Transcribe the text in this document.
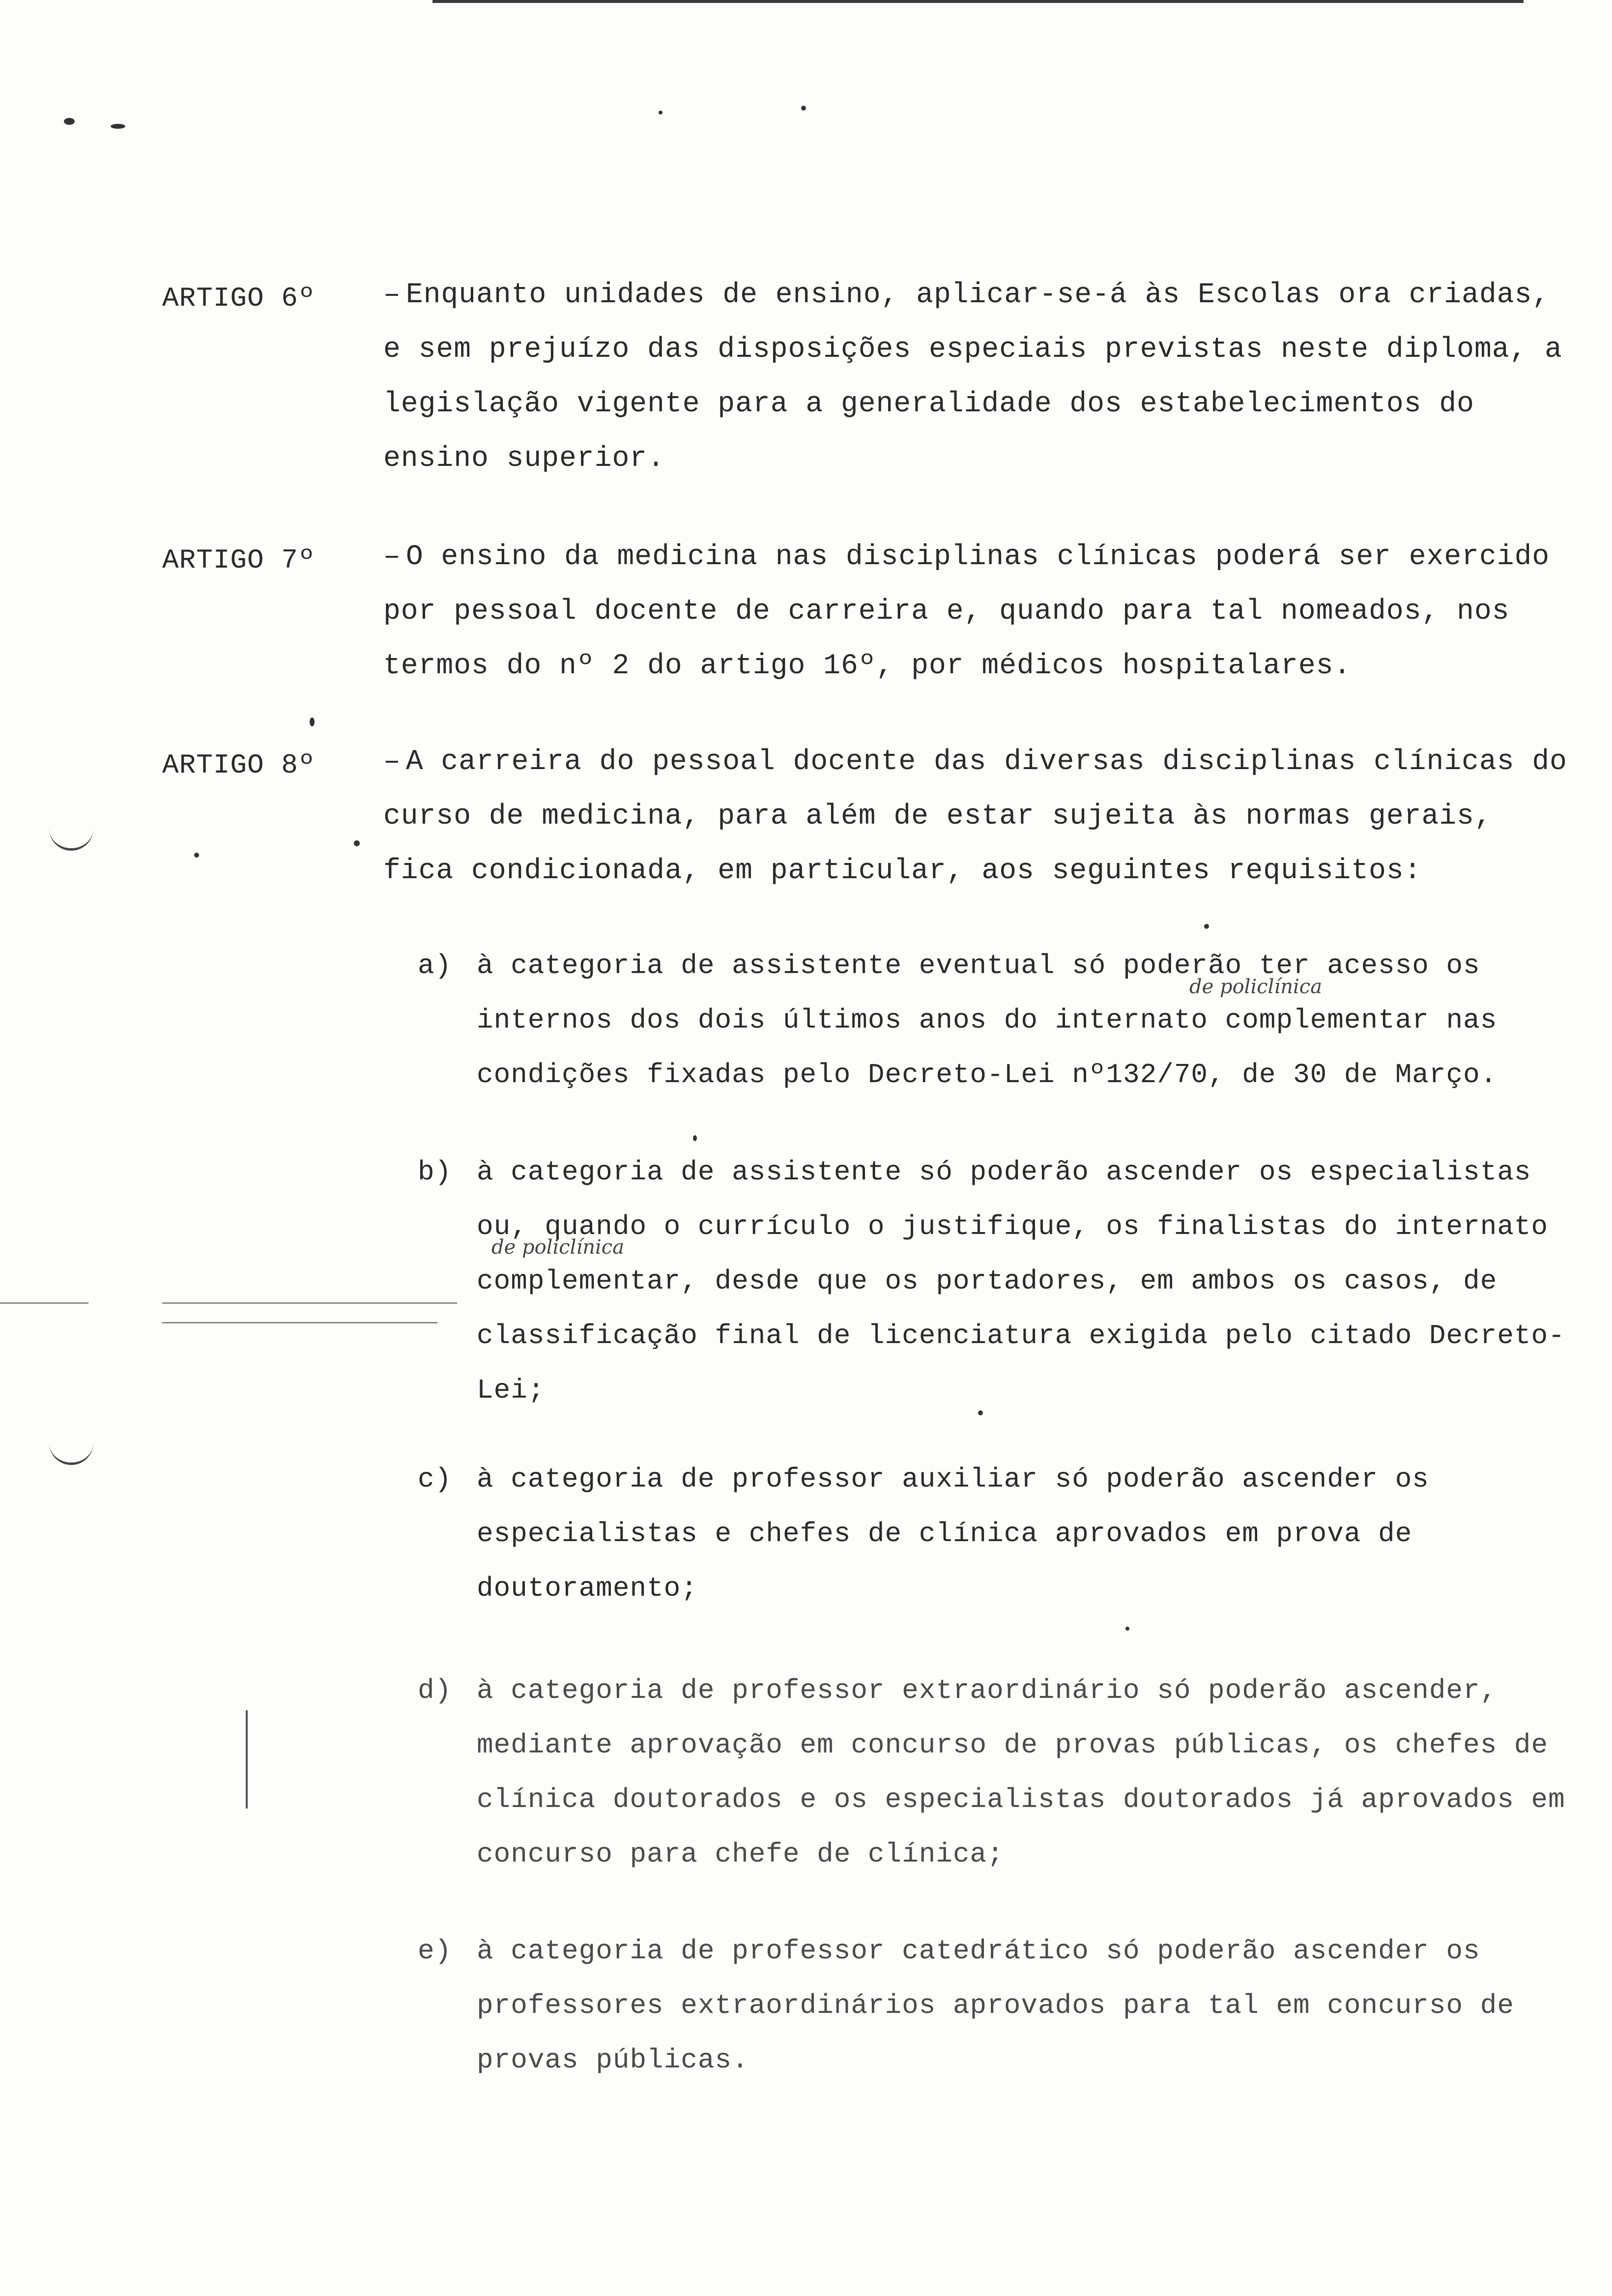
ARTIGO 6º – Enquanto unidades de ensino, aplicar-se-á às Escolas ora criadas, e sem prejuízo das disposições especiais previstas neste diploma, a legislação vigente para a generalidade dos estabelecimentos do ensino superior.
ARTIGO 7º – O ensino da medicina nas disciplinas clínicas poderá ser exercido por pessoal docente de carreira e, quando para tal nomeados, nos termos do nº 2 do artigo 16º, por médicos hospitalares.
ARTIGO 8º – A carreira do pessoal docente das diversas disciplinas clínicas do curso de medicina, para além de estar sujeita às normas gerais, fica condicionada, em particular, aos seguintes requisitos:
a) à categoria de assistente eventual só poderão ter acesso os internos dos dois últimos anos do internato complementar nas condições fixadas pelo Decreto-Lei nº132/70, de 30 de Março.
de policlínica
b) à categoria de assistente só poderão ascender os especialistas ou, quando o currículo o justifique, os finalistas do internato complementar, desde que os portadores, em ambos os casos, de classificação final de licenciatura exigida pelo citado Decreto-Lei;
de policlínica
c) à categoria de professor auxiliar só poderão ascender os especialistas e chefes de clínica aprovados em prova de doutoramento;
d) à categoria de professor extraordinário só poderão ascender, mediante aprovação em concurso de provas públicas, os chefes de clínica doutorados e os especialistas doutorados já aprovados em concurso para chefe de clínica;
e) à categoria de professor catedrático só poderão ascender os professores extraordinários aprovados para tal em concurso de provas públicas.
